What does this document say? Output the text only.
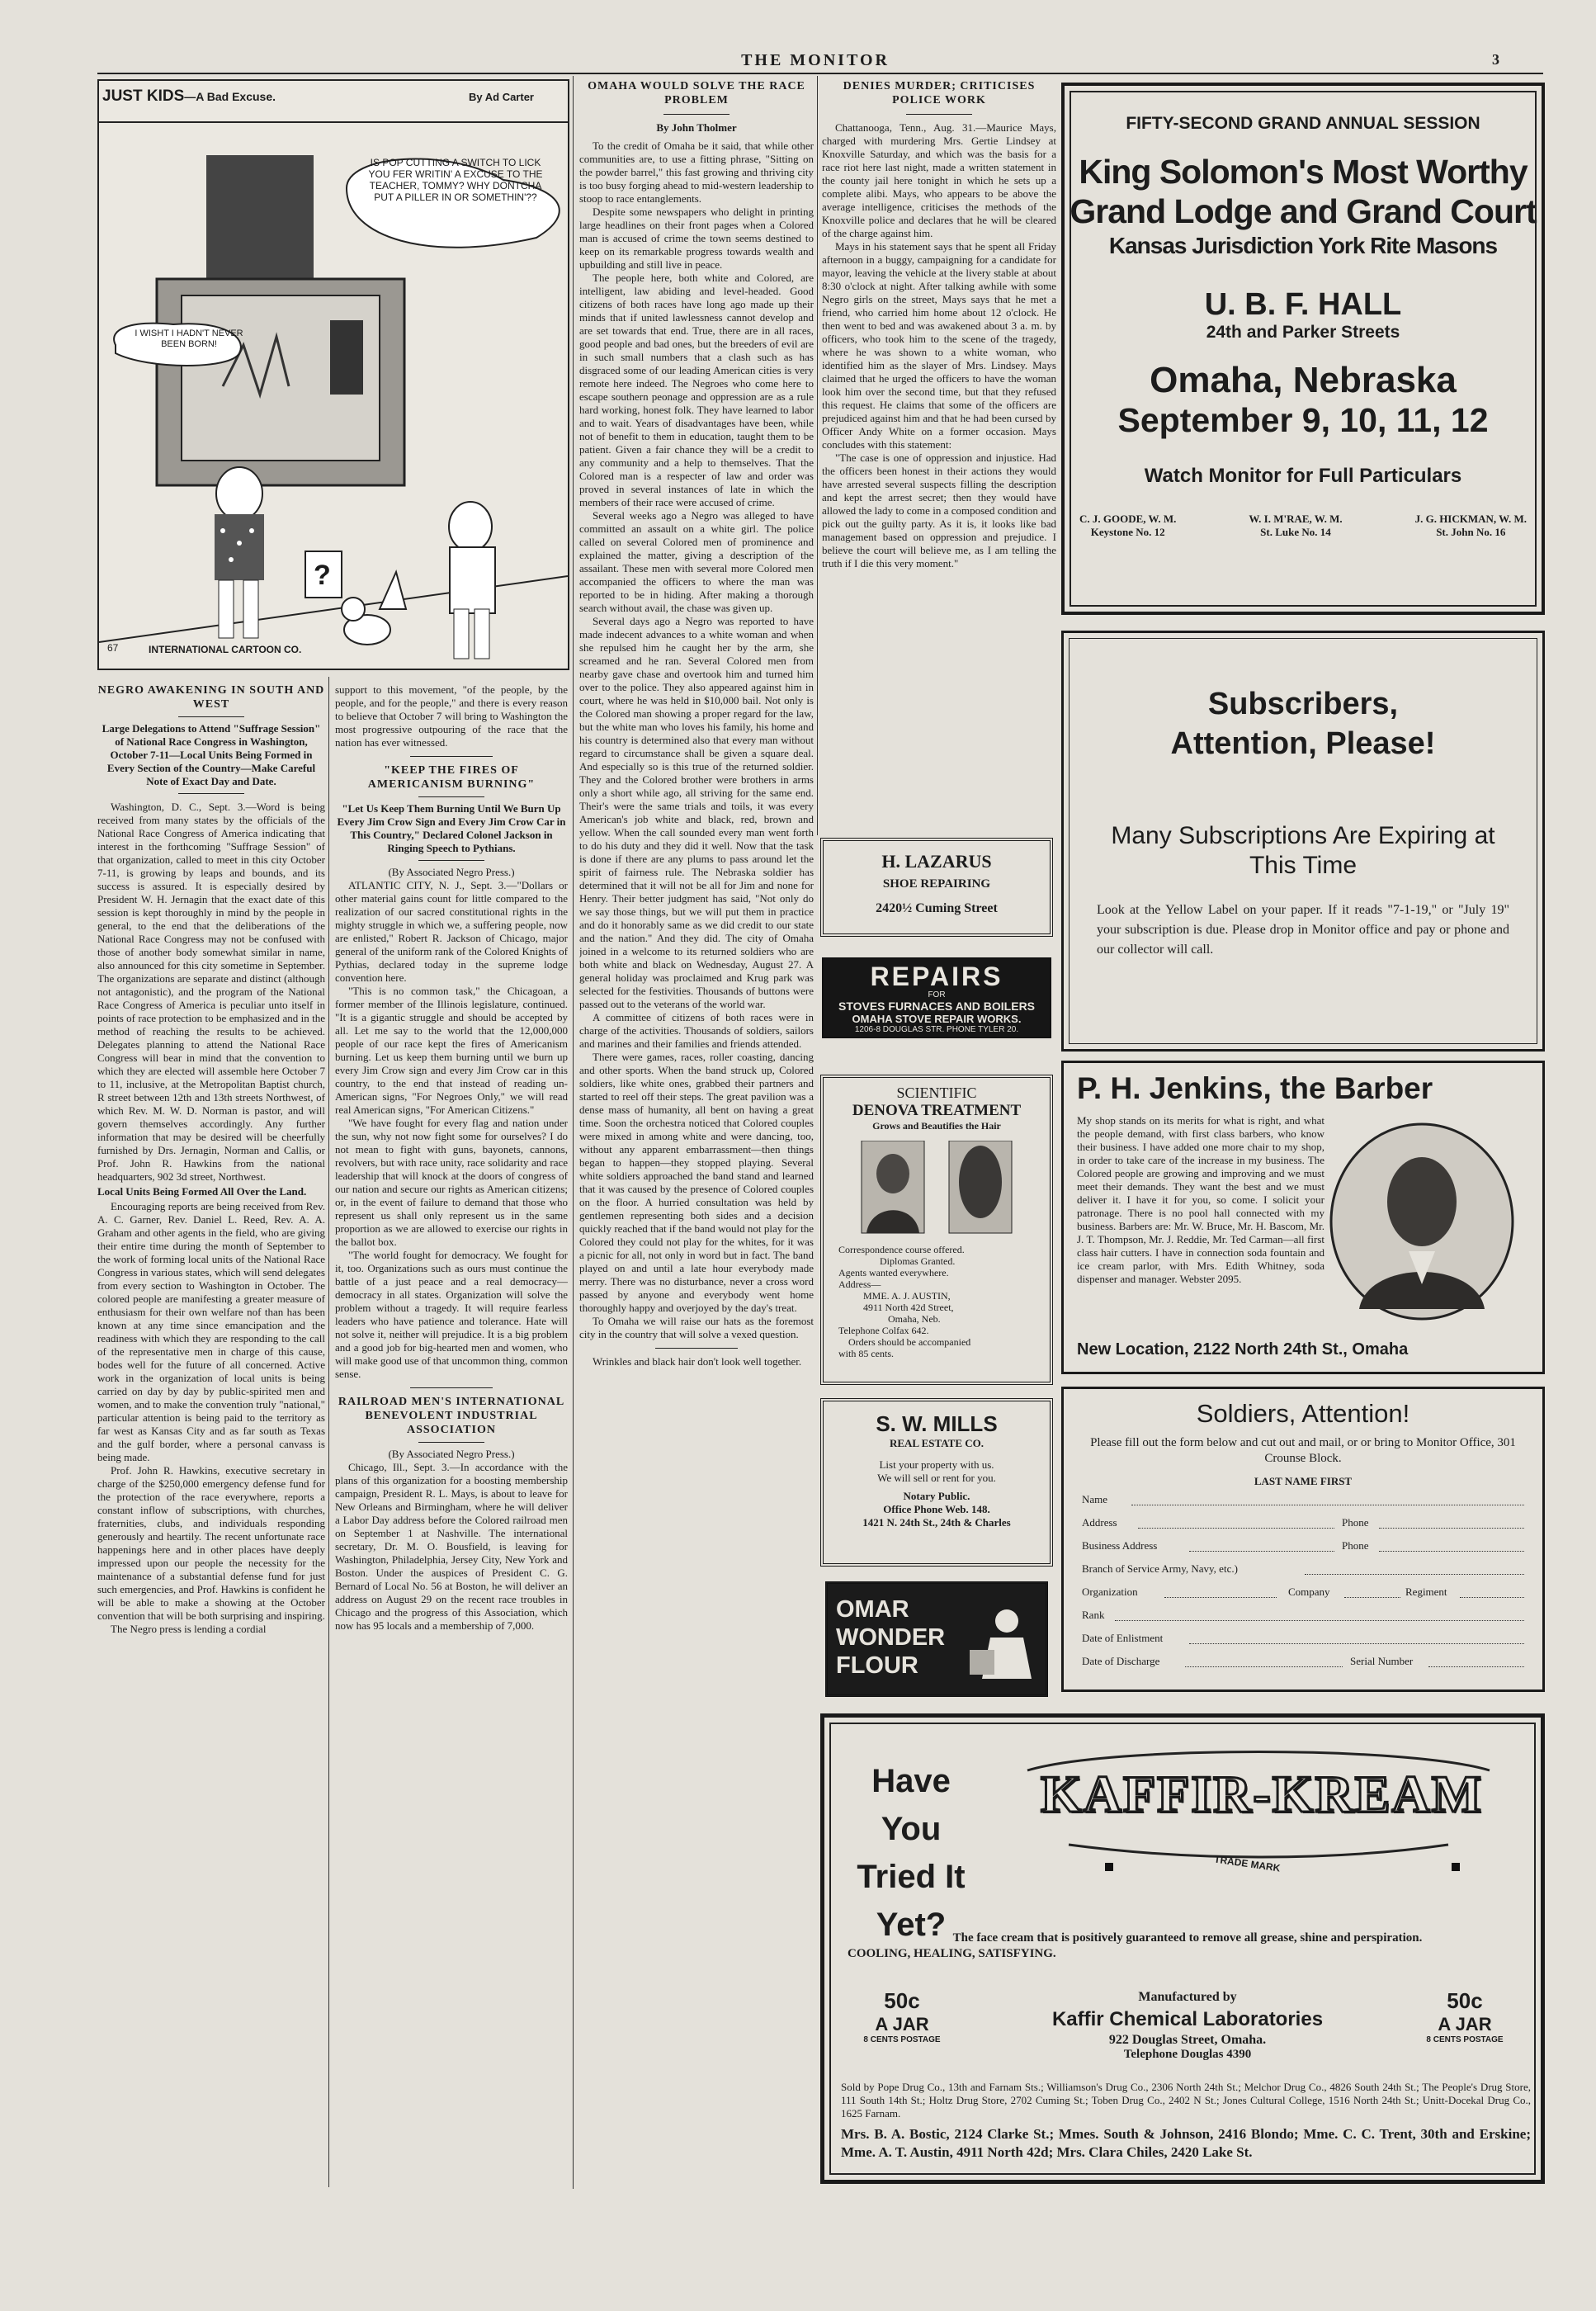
THE MONITOR	3
JUST KIDS—A Bad Excuse.	By Ad Carter
IS POP CUTTING A SWITCH TO LICK YOU FER WRITIN' A EXCUSE TO THE TEACHER, TOMMY? WHY DONTCHA PUT A PILLER IN OR SOMETHIN'??
I WISHT I HADN'T NEVER BEEN BORN!
?
67	INTERNATIONAL CARTOON CO.
NEGRO AWAKENING IN SOUTH AND WEST
Large Delegations to Attend "Suffrage Session" of National Race Congress in Washington, October 7-11—Local Units Being Formed in Every Section of the Country—Make Careful Note of Exact Day and Date.

Washington, D. C., Sept. 3.—Word is being received from many states by the officials of the National Race Congress of America indicating that interest in the forthcoming "Suffrage Session" of that organization, called to meet in this city October 7-11, is growing by leaps and bounds, and its success is assured. It is especially desired by President W. H. Jernagin that the exact date of this session is kept thoroughly in mind by the people in general, to the end that the deliberations of the National Race Congress may not be confused with those of another body somewhat similar in name, also announced for this city sometime in September. The organizations are separate and distinct (although not antagonistic), and the program of the National Race Congress of America is peculiar unto itself in points of race protection to be emphasized and in the method of reaching the results to be achieved. Delegates planning to attend the National Race Congress will bear in mind that the convention to which they are elected will assemble here October 7 to 11, inclusive, at the Metropolitan Baptist church, R street between 12th and 13th streets Northwest, of which Rev. M. W. D. Norman is pastor, and will govern themselves accordingly. Any further information that may be desired will be cheerfully furnished by Drs. Jernagin, Norman and Callis, or Prof. John R. Hawkins from the national headquarters, 902 3d street, Northwest.

Local Units Being Formed All Over the Land.

Encouraging reports are being received from Rev. A. C. Garner, Rev. Daniel L. Reed, Rev. A. A. Graham and other agents in the field, who are giving their entire time during the month of September to the work of forming local units of the National Race Congress in various states, which will send delegates from every section to Washington in October. The colored people are manifesting a greater measure of enthusiasm for their own welfare nof than has been known at any time since emancipation and the readiness with which they are responding to the call of the representative men in charge of this cause, bodes well for the future of all concerned. Active work in the organization of local units is being carried on day by day by public-spirited men and women, and to make the convention truly "national," particular attention is being paid to the territory as far west as Kansas City and as far south as Texas and the gulf border, where a personal canvass is being made.

Prof. John R. Hawkins, executive secretary in charge of the $250,000 emergency defense fund for the protection of the race everywhere, reports a constant inflow of subscriptions, with churches, fraternities, clubs, and individuals responding generously and heartily. The recent unfortunate race happenings here and in other places have deeply impressed upon our people the necessity for the maintenance of a substantial defense fund for just such emergencies, and Prof. Hawkins is confident he will be able to make a showing at the October convention that will be both surprising and inspiring.

The Negro press is lending a cordial

support to this movement, "of the people, by the people, and for the people," and there is every reason to believe that October 7 will bring to Washington the most progressive outpouring of the race that the nation has ever witnessed.

"KEEP THE FIRES OF AMERICANISM BURNING"
"Let Us Keep Them Burning Until We Burn Up Every Jim Crow Sign and Every Jim Crow Car in This Country," Declared Colonel Jackson in Ringing Speech to Pythians.
(By Associated Negro Press.)

ATLANTIC CITY, N. J., Sept. 3.—"Dollars or other material gains count for little compared to the realization of our sacred constitutional rights in the mighty struggle in which we, a suffering people, now are enlisted," Robert R. Jackson of Chicago, major general of the uniform rank of the Colored Knights of Pythias, declared today in the supreme lodge convention here.

"This is no common task," the Chicagoan, a former member of the Illinois legislature, continued. "It is a gigantic struggle and should be accepted by all. Let me say to the world that the 12,000,000 people of our race kept the fires of Americanism burning. Let us keep them burning until we burn up every Jim Crow sign and every Jim Crow car in this country, to the end that instead of reading un-American signs, "For Negroes Only," we will read real American signs, "For American Citizens."

"We have fought for every flag and nation under the sun, why not now fight some for ourselves? I do not mean to fight with guns, bayonets, cannons, revolvers, but with race unity, race solidarity and race leadership that will knock at the doors of congress of our nation and secure our rights as American citizens; or, in the event of failure to demand that those who represent us shall only represent us in the same proportion as we are allowed to exercise our rights in the ballot box.

"The world fought for democracy. We fought for it, too. Organizations such as ours must continue the battle of a just peace and a real democracy—democracy in all states. Organization will solve the problem without a tragedy. It will require fearless leaders who have patience and tolerance. Hate will not solve it, neither will prejudice. It is a big problem and a good job for big-hearted men and women, who will make good use of that uncommon thing, common sense.

RAILROAD MEN'S INTERNATIONAL BENEVOLENT INDUSTRIAL ASSOCIATION
(By Associated Negro Press.)

Chicago, Ill., Sept. 3.—In accordance with the plans of this organization for a boosting membership campaign, President R. L. Mays, is about to leave for New Orleans and Birmingham, where he will deliver a Labor Day address before the Colored railroad men on September 1 at Nashville. The international secretary, Dr. M. O. Bousfield, is leaving for Washington, Philadelphia, Jersey City, New York and Boston. Under the auspices of President C. G. Bernard of Local No. 56 at Boston, he will deliver an address on August 29 on the recent race troubles in Chicago and the progress of this Association, which now has 95 locals and a membership of 7,000.

OMAHA WOULD SOLVE THE RACE PROBLEM
By John Tholmer

To the credit of Omaha be it said, that while other communities are, to use a fitting phrase, "Sitting on the powder barrel," this fast growing and thriving city is too busy forging ahead to mid-western leadership to stoop to race entanglements.

Despite some newspapers who delight in printing large headlines on their front pages when a Colored man is accused of crime the town seems destined to keep on its remarkable progress towards wealth and upbuilding and still live in peace.

The people here, both white and Colored, are intelligent, law abiding and level-headed. Good citizens of both races have long ago made up their minds that if united lawlessness cannot develop and are set towards that end. True, there are in all races, good people and bad ones, but the breeders of evil are in such small numbers that a clash such as has disgraced some of our leading American cities is very remote here indeed. The Negroes who come here to escape southern peonage and oppression are as a rule hard working, honest folk. They have learned to labor and to wait. Years of disadvantages have been, while not of benefit to them in education, taught them to be patient. Given a fair chance they will be a credit to any community and a help to themselves. That the Colored man is a respecter of law and order was proved in several instances of late in which the members of their race were accused of crime.

Several weeks ago a Negro was alleged to have committed an assault on a white girl. The police called on several Colored men of prominence and explained the matter, giving a description of the assailant. These men with several more Colored men accompanied the officers to where the man was reported to be in hiding. After making a thorough search without avail, the chase was given up.

Several days ago a Negro was reported to have made indecent advances to a white woman and when she repulsed him he caught her by the arm, she screamed and he ran. Several Colored men from nearby gave chase and overtook him and turned him over to the police. They also appeared against him in court, where he was held in $10,000 bail. Not only is the Colored man showing a proper regard for the law, but the white man who loves his family, his home and his country is determined also that every man without regard to circumstance shall be given a square deal. And especially so is this true of the returned soldier. They and the Colored brother were brothers in arms only a short while ago, all striving for the same end. Their's were the same trials and toils, it was every American's job white and black, red, brown and yellow. When the call sounded every man went forth to do his duty and they did it well. Now that the task is done if there are any plums to pass around let the spirit of fairness rule. The Nebraska soldier has determined that it will not be all for Jim and none for Henry. Their better judgment has said, "Not only do we say those things, but we will put them in practice and do it honorably same as we did credit to our state and the nation." And they did. The city of Omaha joined in a welcome to its returned soldiers who are both white and black on Wednesday, August 27. A general holiday was proclaimed and Krug park was selected for the festivities. Thousands of buttons were passed out to the veterans of the world war.

A committee of citizens of both races were in charge of the activities. Thousands of soldiers, sailors and marines and their families and friends attended.

There were games, races, roller coasting, dancing and other sports. When the band struck up, Colored soldiers, like white ones, grabbed their partners and started to reel off their steps. The great pavilion was a dense mass of humanity, all bent on having a great time. Soon the orchestra noticed that Colored couples were mixed in among white and were dancing, too, without any apparent embarrassment—then things began to happen—they stopped playing. Several white soldiers approached the band stand and learned that it was caused by the presence of Colored couples on the floor. A hurried consultation was held by gentlemen representing both sides and a decision quickly reached that if the band would not play for the Colored they could not play for the whites, for it was a picnic for all, not only in word but in fact. The band played on and until a late hour everybody made merry. There was no disturbance, never a cross word passed by anyone and everybody went home thoroughly happy and overjoyed by the day's treat.

To Omaha we will raise our hats as the foremost city in the country that will solve a vexed question.

Wrinkles and black hair don't look well together.

DENIES MURDER; CRITICISES POLICE WORK

Chattanooga, Tenn., Aug. 31.—Maurice Mays, charged with murdering Mrs. Gertie Lindsey at Knoxville Saturday, and which was the basis for a race riot here last night, made a written statement in the county jail here tonight in which he sets up a complete alibi. Mays, who appears to be above the average intelligence, criticises the methods of the Knoxville police and declares that he will be cleared of the charge against him.

Mays in his statement says that he spent all Friday afternoon in a buggy, campaigning for a candidate for mayor, leaving the vehicle at the livery stable at about 8:30 o'clock at night. After talking awhile with some Negro girls on the street, Mays says that he met a friend, who carried him home about 12 o'clock. He then went to bed and was awakened about 3 a. m. by officers, who took him to the scene of the tragedy, where he was shown to a white woman, who identified him as the slayer of Mrs. Lindsey. Mays claimed that he urged the officers to have the woman look him over the second time, but that they refused this request. He claims that some of the officers are prejudiced against him and that he had been cursed by Officer Andy White on a former occasion. Mays concludes with this statement:

"The case is one of oppression and injustice. Had the officers been honest in their actions they would have arrested several suspects filling the description and kept the arrest secret; then they would have allowed the lady to come in a composed condition and pick out the guilty party. As it is, it looks like bad management based on oppression and prejudice. I believe the court will believe me, as I am telling the truth if I die this very moment."

H. LAZARUS
SHOE REPAIRING
2420½ Cuming Street
REPAIRS
FOR
STOVES FURNACES AND BOILERS
OMAHA STOVE REPAIR WORKS.
1206-8 DOUGLAS STR. PHONE TYLER 20.
SCIENTIFIC
DENOVA TREATMENT
Grows and Beautifies the Hair
Correspondence course offered.
Diplomas Granted.
Agents wanted everywhere.
Address—
MME. A. J. AUSTIN,
4911 North 42d Street,
Omaha, Neb.
Telephone Colfax 642.
Orders should be accompanied
with 85 cents.
S. W. MILLS
REAL ESTATE CO.
List your property with us.
We will sell or rent for you.
Notary Public.
Office Phone Web. 148.
1421 N. 24th St., 24th & Charles
OMAR
WONDER
FLOUR
FIFTY-SECOND GRAND ANNUAL SESSION
King Solomon's Most Worthy
Grand Lodge and Grand Court
Kansas Jurisdiction York Rite Masons
U. B. F. HALL
24th and Parker Streets
Omaha, Nebraska
September 9, 10, 11, 12
Watch Monitor for Full Particulars
C. J. GOODE, W. M.
Keystone No. 12
W. I. M'RAE, W. M.
St. Luke No. 14
J. G. HICKMAN, W. M.
St. John No. 16
Subscribers,
Attention, Please!
Many Subscriptions Are Expiring at This Time
Look at the Yellow Label on your paper. If it reads "7-1-19," or "July 19" your subscription is due. Please drop in Monitor office and pay or phone and our collector will call.
P. H. Jenkins, the Barber
My shop stands on its merits for what is right, and what the people demand, with first class barbers, who know their business. I have added one more chair to my shop, in order to take care of the increase in my business. The Colored people are growing and improving and we must meet their demands. They want the best and we must deliver it. I have it for you, so come. I solicit your patronage. There is no pool hall connected with my business. Barbers are: Mr. W. Bruce, Mr. H. Bascom, Mr. J. T. Thompson, Mr. J. Reddie, Mr. Ted Carman—all first class hair cutters. I have in connection soda fountain and ice cream parlor, with Mrs. Edith Whitney, soda dispenser and manager. Webster 2095.
New Location, 2122 North 24th St., Omaha
Soldiers, Attention!
Please fill out the form below and cut out and mail, or or bring to Monitor Office, 301 Crounse Block.
LAST NAME FIRST
Name
Address	Phone
Business Address	Phone
Branch of Service Army, Navy, etc.)
Organization	Company	Regiment
Rank
Date of Enlistment
Date of Discharge	Serial Number
Have You
Tried It
Yet?
KAFFIR-KREAM
TRADE MARK
The face cream that is positively guaranteed to remove all grease, shine and perspiration.
COOLING, HEALING, SATISFYING.
50c
A JAR
8 CENTS POSTAGE
50c
A JAR
8 CENTS POSTAGE
Manufactured by
Kaffir Chemical Laboratories
922 Douglas Street, Omaha.
Telephone Douglas 4390
Sold by Pope Drug Co., 13th and Farnam Sts.; Williamson's Drug Co., 2306 North 24th St.; Melchor Drug Co., 4826 South 24th St.; The People's Drug Store, 111 South 14th St.; Holtz Drug Store, 2702 Cuming St.; Toben Drug Co., 2402 N St.; Jones Cultural College, 1516 North 24th St.; Unitt-Docekal Drug Co., 1625 Farnam.
Mrs. B. A. Bostic, 2124 Clarke St.; Mmes. South & Johnson, 2416 Blondo; Mme. C. C. Trent, 30th and Erskine; Mme. A. T. Austin, 4911 North 42d; Mrs. Clara Chiles, 2420 Lake St.
